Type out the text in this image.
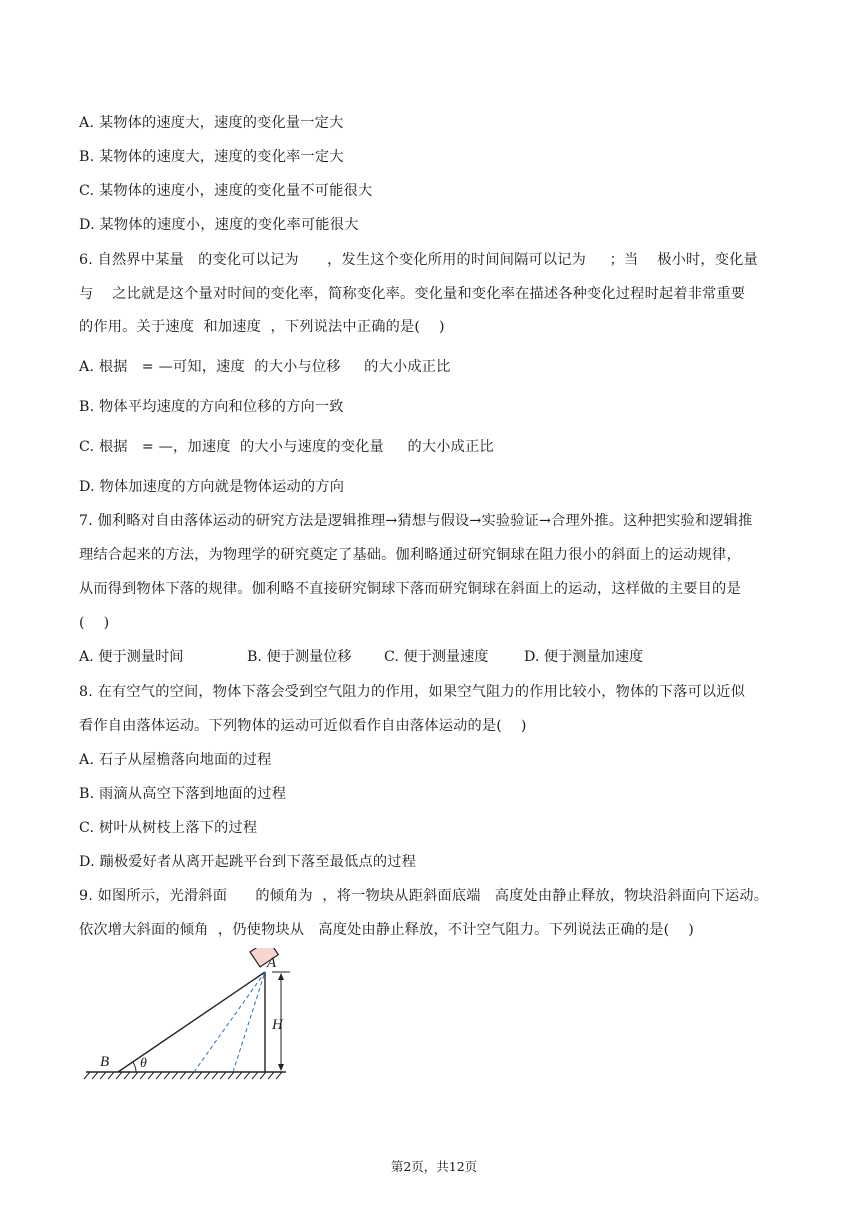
A. 某物体的速度大，速度的变化量一定大
B. 某物体的速度大，速度的变化率一定大
C. 某物体的速度小，速度的变化量不可能很大
D. 某物体的速度小，速度的变化率可能很大
6. 自然界中某量   的变化可以记为      ，发生这个变化所用的时间间隔可以记为     ；当    极小时，变化量
与    之比就是这个量对时间的变化率，简称变化率。变化量和变化率在描述各种变化过程时起着非常重要
的作用。关于速度  和加速度  ，下列说法中正确的是(    )
A. 根据   = —可知，速度  的大小与位移     的大小成正比
B. 物体平均速度的方向和位移的方向一致
C. 根据   = —，加速度  的大小与速度的变化量     的大小成正比
D. 物体加速度的方向就是物体运动的方向
7. 伽利略对自由落体运动的研究方法是逻辑推理→猜想与假设→实验验证→合理外推。这种把实验和逻辑推
理结合起来的方法，为物理学的研究奠定了基础。伽利略通过研究铜球在阻力很小的斜面上的运动规律，
从而得到物体下落的规律。伽利略不直接研究铜球下落而研究铜球在斜面上的运动，这样做的主要目的是
(    )

A. 便于测量时间

	B. 便于测量位移

C. 便于测量速度

	D. 便于测量加速度

8. 在有空气的空间，物体下落会受到空气阻力的作用，如果空气阻力的作用比较小，物体的下落可以近似
看作自由落体运动。下列物体的运动可近似看作自由落体运动的是(    )
A. 石子从屋檐落向地面的过程
B. 雨滴从高空下落到地面的过程
C. 树叶从树枝上落下的过程
D. 蹦极爱好者从离开起跳平台到下落至最低点的过程
9. 如图所示，光滑斜面      的倾角为  ，将一物块从距斜面底端   高度处由静止释放，物块沿斜面向下运动。
依次增大斜面的倾角  ，仍使物块从   高度处由静止释放，不计空气阻力。下列说法正确的是(    )
A
B
H
θ
第2页，共12页
